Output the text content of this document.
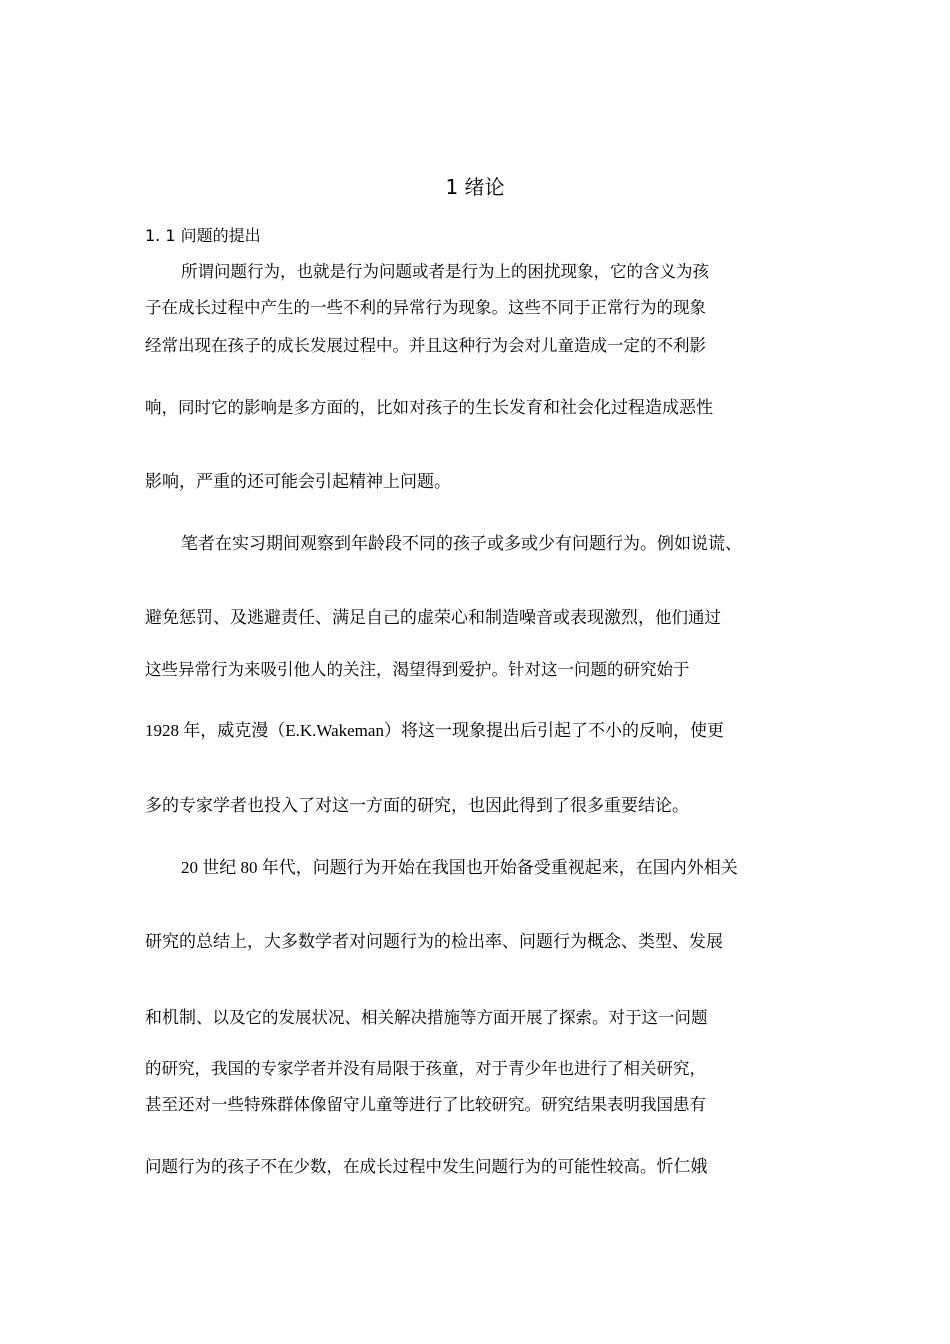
1 绪论
1. 1 问题的提出
所谓问题行为，也就是行为问题或者是行为上的困扰现象，它的含义为孩
子在成长过程中产生的一些不利的异常行为现象。这些不同于正常行为的现象
经常出现在孩子的成长发展过程中。并且这种行为会对儿童造成一定的不利影
响，同时它的影响是多方面的，比如对孩子的生长发育和社会化过程造成恶性
影响，严重的还可能会引起精神上问题。
笔者在实习期间观察到年龄段不同的孩子或多或少有问题行为。例如说谎、
避免惩罚、及逃避责任、满足自己的虚荣心和制造噪音或表现激烈，他们通过
这些异常行为来吸引他人的关注，渴望得到爱护。针对这一问题的研究始于
1928 年，威克漫（E.K.Wakeman）将这一现象提出后引起了不小的反响，使更
多的专家学者也投入了对这一方面的研究，也因此得到了很多重要结论。
20 世纪 80 年代，问题行为开始在我国也开始备受重视起来，在国内外相关
研究的总结上，大多数学者对问题行为的检出率、问题行为概念、类型、发展
和机制、以及它的发展状况、相关解决措施等方面开展了探索。对于这一问题
的研究，我国的专家学者并没有局限于孩童，对于青少年也进行了相关研究，
甚至还对一些特殊群体像留守儿童等进行了比较研究。研究结果表明我国患有
问题行为的孩子不在少数，在成长过程中发生问题行为的可能性较高。忻仁娥
